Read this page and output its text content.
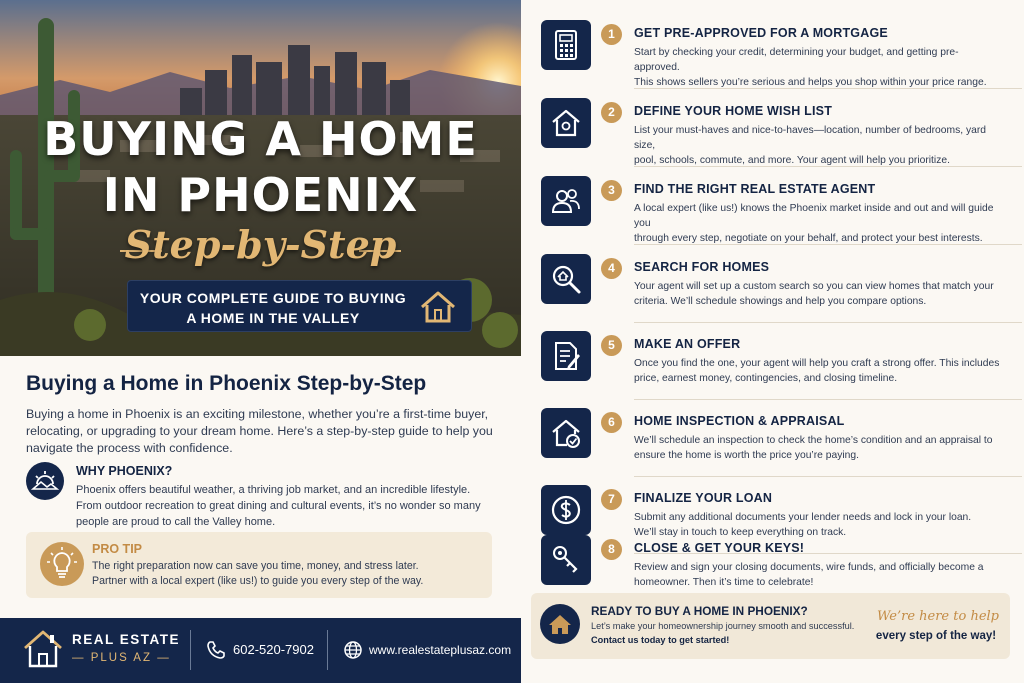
BUYING A HOME
IN PHOENIX
Step-by-Step
YOUR COMPLETE GUIDE TO BUYING
A HOME IN THE VALLEY
Buying a Home in Phoenix Step-by-Step
Buying a home in Phoenix is an exciting milestone, whether you’re a first-time buyer, relocating, or upgrading to your dream home. Here’s a step-by-step guide to help you navigate the process with confidence.
WHY PHOENIX?
Phoenix offers beautiful weather, a thriving job market, and an incredible lifestyle. From outdoor recreation to great dining and cultural events, it’s no wonder so many people are proud to call the Valley home.
PRO TIP
The right preparation now can save you time, money, and stress later.
Partner with a local expert (like us!) to guide you every step of the way.
REAL ESTATE
— PLUS AZ —
602-520-7902	www.realestateplusaz.com
1	GET PRE-APPROVED FOR A MORTGAGE
Start by checking your credit, determining your budget, and getting pre-approved.
This shows sellers you’re serious and helps you shop within your price range.
2	DEFINE YOUR HOME WISH LIST
List your must-haves and nice-to-haves—location, number of bedrooms, yard size,
pool, schools, commute, and more. Your agent will help you prioritize.
3	FIND THE RIGHT REAL ESTATE AGENT
A local expert (like us!) knows the Phoenix market inside and out and will guide you
through every step, negotiate on your behalf, and protect your best interests.
4	SEARCH FOR HOMES
Your agent will set up a custom search so you can view homes that match your
criteria. We’ll schedule showings and help you compare options.
5	MAKE AN OFFER
Once you find the one, your agent will help you craft a strong offer. This includes
price, earnest money, contingencies, and closing timeline.
6	HOME INSPECTION & APPRAISAL
We’ll schedule an inspection to check the home’s condition and an appraisal to
ensure the home is worth the price you’re paying.
7	FINALIZE YOUR LOAN
Submit any additional documents your lender needs and lock in your loan.
We’ll stay in touch to keep everything on track.
8	CLOSE & GET YOUR KEYS!
Review and sign your closing documents, wire funds, and officially become a
homeowner. Then it’s time to celebrate!
READY TO BUY A HOME IN PHOENIX?
Let’s make your homeownership journey smooth and successful.
Contact us today to get started!
We’re here to help
every step of the way!
